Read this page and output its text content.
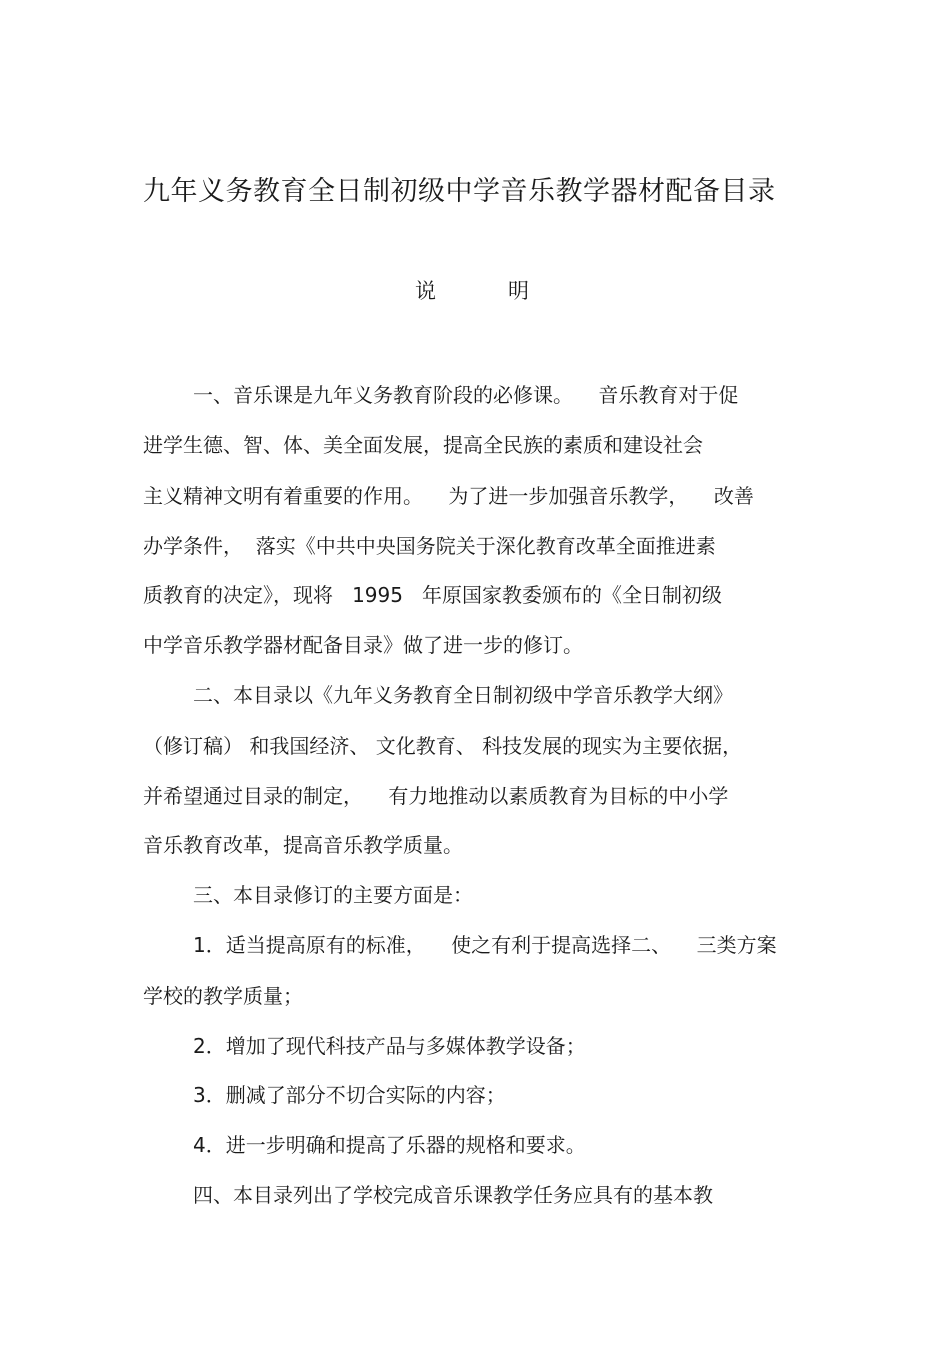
九年义务教育全日制初级中学音乐教学器材配备目录
说	明
一、音乐课是九年义务教育阶段的必修课。    音乐教育对于促
进学生德、智、体、美全面发展，提高全民族的素质和建设社会
主义精神文明有着重要的作用。    为了进一步加强音乐教学，    改善
办学条件，  落实《中共中央国务院关于深化教育改革全面推进素
质教育的决定》，现将   1995   年原国家教委颁布的《全日制初级
中学音乐教学器材配备目录》做了进一步的修订。
二、本目录以《九年义务教育全日制初级中学音乐教学大纲》
（修订稿） 和我国经济、 文化教育、 科技发展的现实为主要依据，
并希望通过目录的制定，    有力地推动以素质教育为目标的中小学
音乐教育改革，提高音乐教学质量。
三、本目录修订的主要方面是：
1．适当提高原有的标准，    使之有利于提高选择二、    三类方案
学校的教学质量；
2．增加了现代科技产品与多媒体教学设备；
3．删减了部分不切合实际的内容；
4．进一步明确和提高了乐器的规格和要求。
四、本目录列出了学校完成音乐课教学任务应具有的基本教
